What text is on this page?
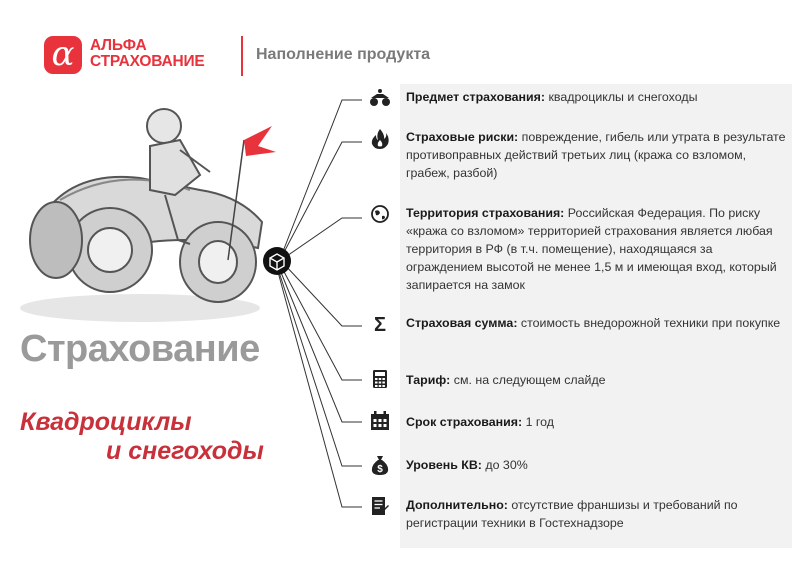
α	АЛЬФА
СТРАХОВАНИЕ	Наполнение продукта
Страхование
Квадроциклы
и снегоходы
Σ
$
Предмет страхования: квадроциклы и снегоходы
Страховые риски: повреждение, гибель или утрата в результате противоправных действий третьих лиц (кража со взломом, грабеж, разбой)
Территория страхования: Российская Федерация. По риску «кража со взломом» территорией страхования является любая территория в РФ (в т.ч. помещение), находящаяся за ограждением высотой не менее 1,5 м и имеющая вход, который запирается на замок
Страховая сумма: стоимость внедорожной техники при покупке
Тариф: см. на следующем слайде
Срок страхования: 1 год
Уровень КВ: до 30%
Дополнительно: отсутствие франшизы и требований по регистрации техники в Гостехнадзоре
